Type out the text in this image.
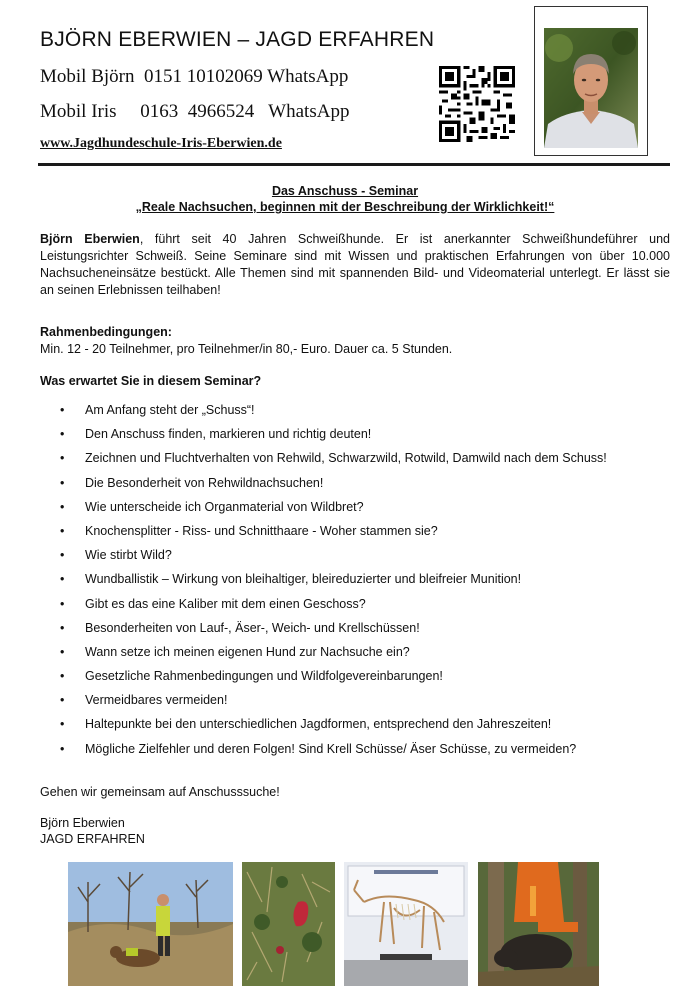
BJÖRN EBERWIEN – JAGD ERFAHREN
Mobil Björn  0151 10102069 WhatsApp
Mobil Iris     0163  4966524   WhatsApp
www.Jagdhundeschule-Iris-Eberwien.de
Das Anschuss - Seminar
„Reale Nachsuchen, beginnen mit der Beschreibung der Wirklichkeit!“
Björn Eberwien, führt seit 40 Jahren Schweißhunde. Er ist anerkannter Schweißhundeführer und Leistungsrichter Schweiß. Seine Seminare sind mit Wissen und praktischen Erfahrungen von über 10.000 Nachsucheneinsätze bestückt. Alle Themen sind mit spannenden Bild- und Videomaterial unterlegt. Er lässt sie an seinen Erlebnissen teilhaben!
Rahmenbedingungen:
Min. 12 - 20 Teilnehmer, pro Teilnehmer/in 80,- Euro. Dauer ca. 5 Stunden.
Was erwartet Sie in diesem Seminar?
• Am Anfang steht der „Schuss“!
• Den Anschuss finden, markieren und richtig deuten!
• Zeichnen und Fluchtverhalten von Rehwild, Schwarzwild, Rotwild, Damwild nach dem Schuss!
• Die Besonderheit von Rehwildnachsuchen!
• Wie unterscheide ich Organmaterial von Wildbret?
• Knochensplitter - Riss- und Schnitthaare - Woher stammen sie?
• Wie stirbt Wild?
• Wundballistik – Wirkung von bleihaltiger, bleireduzierter und bleifreier Munition!
• Gibt es das eine Kaliber mit dem einen Geschoss?
• Besonderheiten von Lauf-, Äser-, Weich- und Krellschüssen!
• Wann setze ich meinen eigenen Hund zur Nachsuche ein?
• Gesetzliche Rahmenbedingungen und Wildfolgevereinbarungen!
• Vermeidbares vermeiden!
• Haltepunkte bei den unterschiedlichen Jagdformen, entsprechend den Jahreszeiten!
• Mögliche Zielfehler und deren Folgen! Sind Krell Schüsse/ Äser Schüsse, zu vermeiden?
Gehen wir gemeinsam auf Anschusssuche!
Björn Eberwien
JAGD ERFAHREN
